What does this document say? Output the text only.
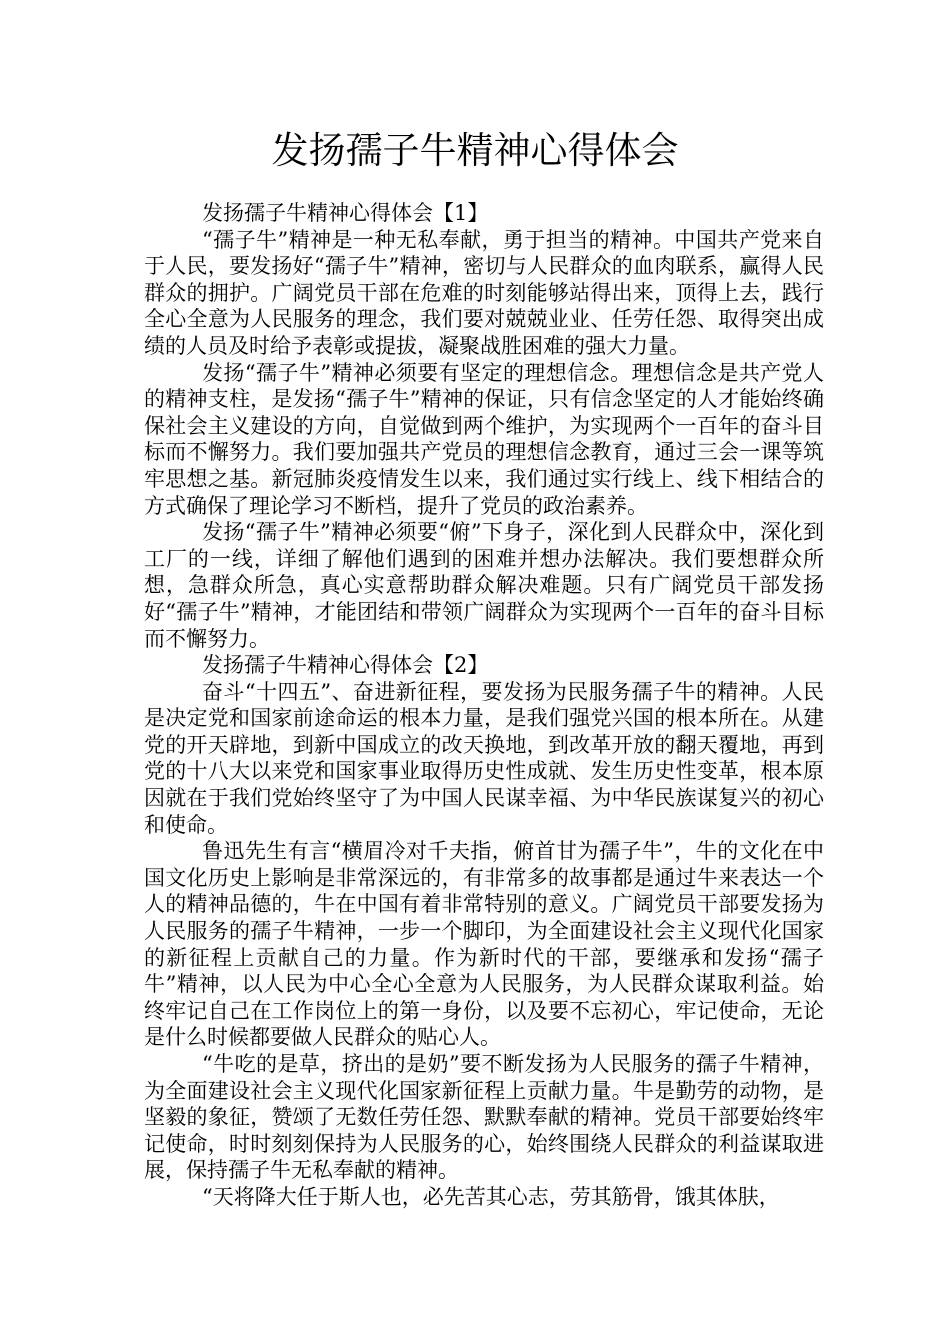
发扬孺子牛精神心得体会

发扬孺子牛精神心得体会【1】

“孺子牛”精神是一种无私奉献，勇于担当的精神。中国共产党来自于人民，要发扬好“孺子牛”精神，密切与人民群众的血肉联系，赢得人民群众的拥护。广阔党员干部在危难的时刻能够站得出来，顶得上去，践行全心全意为人民服务的理念，我们要对兢兢业业、任劳任怨、取得突出成绩的人员及时给予表彰或提拔，凝聚战胜困难的强大力量。

发扬“孺子牛”精神必须要有坚定的理想信念。理想信念是共产党人的精神支柱，是发扬“孺子牛”精神的保证，只有信念坚定的人才能始终确保社会主义建设的方向，自觉做到两个维护，为实现两个一百年的奋斗目标而不懈努力。我们要加强共产党员的理想信念教育，通过三会一课等筑牢思想之基。新冠肺炎疫情发生以来，我们通过实行线上、线下相结合的方式确保了理论学习不断档，提升了党员的政治素养。

发扬“孺子牛”精神必须要“俯”下身子，深化到人民群众中，深化到工厂的一线，详细了解他们遇到的困难并想办法解决。我们要想群众所想，急群众所急，真心实意帮助群众解决难题。只有广阔党员干部发扬好“孺子牛”精神，才能团结和带领广阔群众为实现两个一百年的奋斗目标而不懈努力。

发扬孺子牛精神心得体会【2】

奋斗“十四五”、奋进新征程，要发扬为民服务孺子牛的精神。人民是决定党和国家前途命运的根本力量，是我们强党兴国的根本所在。从建党的开天辟地，到新中国成立的改天换地，到改革开放的翻天覆地，再到党的十八大以来党和国家事业取得历史性成就、发生历史性变革，根本原因就在于我们党始终坚守了为中国人民谋幸福、为中华民族谋复兴的初心和使命。

鲁迅先生有言“横眉冷对千夫指，俯首甘为孺子牛”，牛的文化在中国文化历史上影响是非常深远的，有非常多的故事都是通过牛来表达一个人的精神品德的，牛在中国有着非常特别的意义。广阔党员干部要发扬为人民服务的孺子牛精神，一步一个脚印，为全面建设社会主义现代化国家的新征程上贡献自己的力量。作为新时代的干部，要继承和发扬“孺子牛”精神，以人民为中心全心全意为人民服务，为人民群众谋取利益。始终牢记自己在工作岗位上的第一身份，以及要不忘初心，牢记使命，无论是什么时候都要做人民群众的贴心人。

“牛吃的是草，挤出的是奶”要不断发扬为人民服务的孺子牛精神，为全面建设社会主义现代化国家新征程上贡献力量。牛是勤劳的动物，是坚毅的象征，赞颂了无数任劳任怨、默默奉献的精神。党员干部要始终牢记使命，时时刻刻保持为人民服务的心，始终围绕人民群众的利益谋取进展，保持孺子牛无私奉献的精神。

“天将降大任于斯人也，必先苦其心志，劳其筋骨，饿其体肤，
